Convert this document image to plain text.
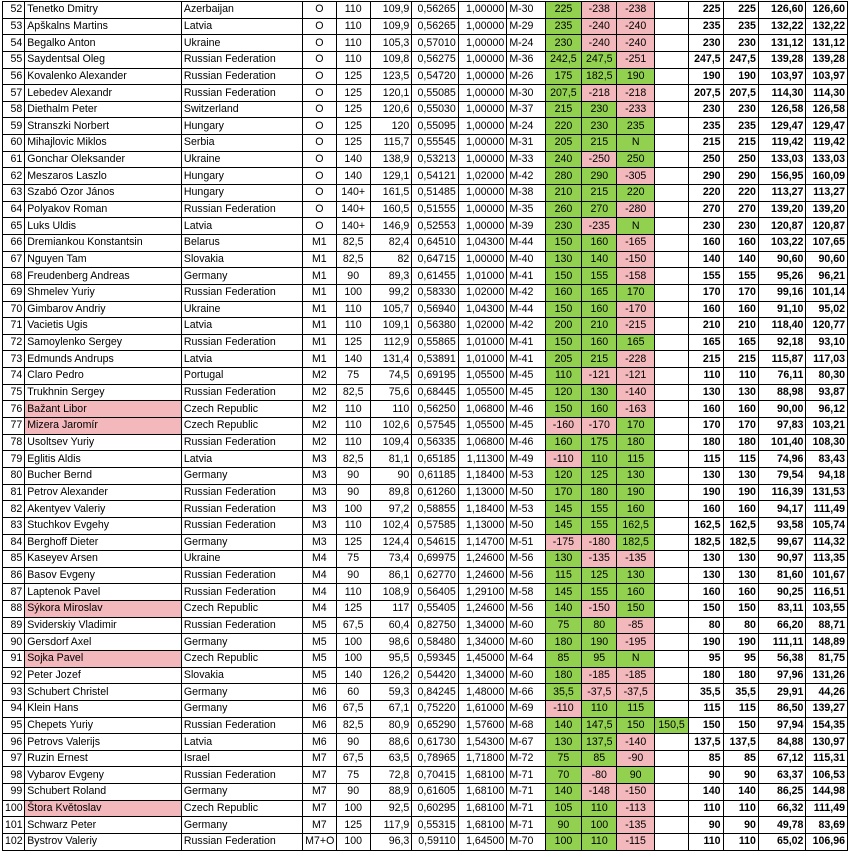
52	Tenetko Dmitry	Azerbaijan	O	110	109,9	0,56265	1,00000	M-30	225	-238	-238		225	225	126,60	126,60
53	Apškalns Martins	Latvia	O	110	109,9	0,56265	1,00000	M-29	235	-240	-240		235	235	132,22	132,22
54	Begalko Anton	Ukraine	O	110	105,3	0,57010	1,00000	M-24	230	-240	-240		230	230	131,12	131,12
55	Saydentsal Oleg	Russian Federation	O	110	109,8	0,56275	1,00000	M-36	242,5	247,5	-251		247,5	247,5	139,28	139,28
56	Kovalenko Alexander	Russian Federation	O	125	123,5	0,54720	1,00000	M-26	175	182,5	190		190	190	103,97	103,97
57	Lebedev Alexandr	Russian Federation	O	125	120,1	0,55085	1,00000	M-30	207,5	-218	-218		207,5	207,5	114,30	114,30
58	Diethalm Peter	Switzerland	O	125	120,6	0,55030	1,00000	M-37	215	230	-233		230	230	126,58	126,58
59	Stranszki Norbert	Hungary	O	125	120	0,55095	1,00000	M-24	220	230	235		235	235	129,47	129,47
60	Mihajlovic Miklos	Serbia	O	125	115,7	0,55545	1,00000	M-31	205	215	N		215	215	119,42	119,42
61	Gonchar Oleksander	Ukraine	O	140	138,9	0,53213	1,00000	M-33	240	-250	250		250	250	133,03	133,03
62	Meszaros Laszlo	Hungary	O	140	129,1	0,54121	1,02000	M-42	280	290	-305		290	290	156,95	160,09
63	Szabó Ozor János	Hungary	O	140+	161,5	0,51485	1,00000	M-38	210	215	220		220	220	113,27	113,27
64	Polyakov Roman	Russian Federation	O	140+	160,5	0,51555	1,00000	M-35	260	270	-280		270	270	139,20	139,20
65	Luks Uldis	Latvia	O	140+	146,9	0,52553	1,00000	M-39	230	-235	N		230	230	120,87	120,87
66	Dremiankou Konstantsin	Belarus	M1	82,5	82,4	0,64510	1,04300	M-44	150	160	-165		160	160	103,22	107,65
67	Nguyen Tam	Slovakia	M1	82,5	82	0,64715	1,00000	M-40	130	140	-150		140	140	90,60	90,60
68	Freudenberg Andreas	Germany	M1	90	89,3	0,61455	1,01000	M-41	150	155	-158		155	155	95,26	96,21
69	Shmelev Yuriy	Russian Federation	M1	100	99,2	0,58330	1,02000	M-42	160	165	170		170	170	99,16	101,14
70	Gimbarov Andriy	Ukraine	M1	110	105,7	0,56940	1,04300	M-44	150	160	-170		160	160	91,10	95,02
71	Vacietis Ugis	Latvia	M1	110	109,1	0,56380	1,02000	M-42	200	210	-215		210	210	118,40	120,77
72	Samoylenko Sergey	Russian Federation	M1	125	112,9	0,55865	1,01000	M-41	150	160	165		165	165	92,18	93,10
73	Edmunds Andrups	Latvia	M1	140	131,4	0,53891	1,01000	M-41	205	215	-228		215	215	115,87	117,03
74	Claro Pedro	Portugal	M2	75	74,5	0,69195	1,05500	M-45	110	-121	-121		110	110	76,11	80,30
75	Trukhnin Sergey	Russian Federation	M2	82,5	75,6	0,68445	1,05500	M-45	120	130	-140		130	130	88,98	93,87
76	Bažant Libor	Czech Republic	M2	110	110	0,56250	1,06800	M-46	150	160	-163		160	160	90,00	96,12
77	Mizera Jaromír	Czech Republic	M2	110	102,6	0,57545	1,05500	M-45	-160	-170	170		170	170	97,83	103,21
78	Usoltsev Yuriy	Russian Federation	M2	110	109,4	0,56335	1,06800	M-46	160	175	180		180	180	101,40	108,30
79	Eglitis Aldis	Latvia	M3	82,5	81,1	0,65185	1,11300	M-49	-110	110	115		115	115	74,96	83,43
80	Bucher Bernd	Germany	M3	90	90	0,61185	1,18400	M-53	120	125	130		130	130	79,54	94,18
81	Petrov Alexander	Russian Federation	M3	90	89,8	0,61260	1,13000	M-50	170	180	190		190	190	116,39	131,53
82	Akentyev Valeriy	Russian Federation	M3	100	97,2	0,58855	1,18400	M-53	145	155	160		160	160	94,17	111,49
83	Stuchkov Evgehy	Russian Federation	M3	110	102,4	0,57585	1,13000	M-50	145	155	162,5		162,5	162,5	93,58	105,74
84	Berghoff Dieter	Germany	M3	125	124,4	0,54615	1,14700	M-51	-175	-180	182,5		182,5	182,5	99,67	114,32
85	Kaseyev Arsen	Ukraine	M4	75	73,4	0,69975	1,24600	M-56	130	-135	-135		130	130	90,97	113,35
86	Basov Evgeny	Russian Federation	M4	90	86,1	0,62770	1,24600	M-56	115	125	130		130	130	81,60	101,67
87	Laptenok Pavel	Russian Federation	M4	110	108,9	0,56405	1,29100	M-58	145	155	160		160	160	90,25	116,51
88	Sýkora Miroslav	Czech Republic	M4	125	117	0,55405	1,24600	M-56	140	-150	150		150	150	83,11	103,55
89	Sviderskiy Vladimir	Russian Federation	M5	67,5	60,4	0,82750	1,34000	M-60	75	80	-85		80	80	66,20	88,71
90	Gersdorf Axel	Germany	M5	100	98,6	0,58480	1,34000	M-60	180	190	-195		190	190	111,11	148,89
91	Sojka Pavel	Czech Republic	M5	100	95,5	0,59345	1,45000	M-64	85	95	N		95	95	56,38	81,75
92	Peter Jozef	Slovakia	M5	140	126,2	0,54420	1,34000	M-60	180	-185	-185		180	180	97,96	131,26
93	Schubert Christel	Germany	M6	60	59,3	0,84245	1,48000	M-66	35,5	-37,5	-37,5		35,5	35,5	29,91	44,26
94	Klein Hans	Germany	M6	67,5	67,1	0,75220	1,61000	M-69	-110	110	115		115	115	86,50	139,27
95	Chepets Yuriy	Russian Federation	M6	82,5	80,9	0,65290	1,57600	M-68	140	147,5	150	150,5	150	150	97,94	154,35
96	Petrovs Valerijs	Latvia	M6	90	88,6	0,61730	1,54300	M-67	130	137,5	-140		137,5	137,5	84,88	130,97
97	Ruzin Ernest	Israel	M7	67,5	63,5	0,78965	1,71800	M-72	75	85	-90		85	85	67,12	115,31
98	Vybarov Evgeny	Russian Federation	M7	75	72,8	0,70415	1,68100	M-71	70	-80	90		90	90	63,37	106,53
99	Schubert Roland	Germany	M7	90	88,9	0,61605	1,68100	M-71	140	-148	-150		140	140	86,25	144,98
100	Štora Květoslav	Czech Republic	M7	100	92,5	0,60295	1,68100	M-71	105	110	-113		110	110	66,32	111,49
101	Schwarz Peter	Germany	M7	125	117,9	0,55315	1,68100	M-71	90	100	-135		90	90	49,78	83,69
102	Bystrov Valeriy	Russian Federation	M7+O	100	96,3	0,59110	1,64500	M-70	100	110	-115		110	110	65,02	106,96
